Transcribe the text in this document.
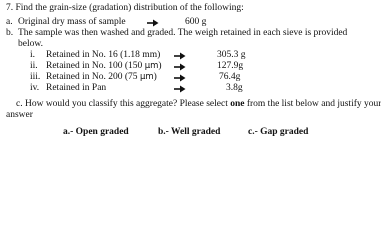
7. Find the grain-size (gradation) distribution of the following:
a. Original dry mass of sample	600 g
b. The sample was then washed and graded. The weigh retained in each sieve is provided
below.
i. Retained in No. 16 (1.18 mm)	305.3 g
ii. Retained in No. 100 (150 µm)	127.9g
iii. Retained in No. 200 (75 µm)	76.4g
iv. Retained in Pan	3.8g
c. How would you classify this aggregate? Please select one from the list below and justify your
answer
a.- Open graded	b.- Well graded	c.- Gap graded
